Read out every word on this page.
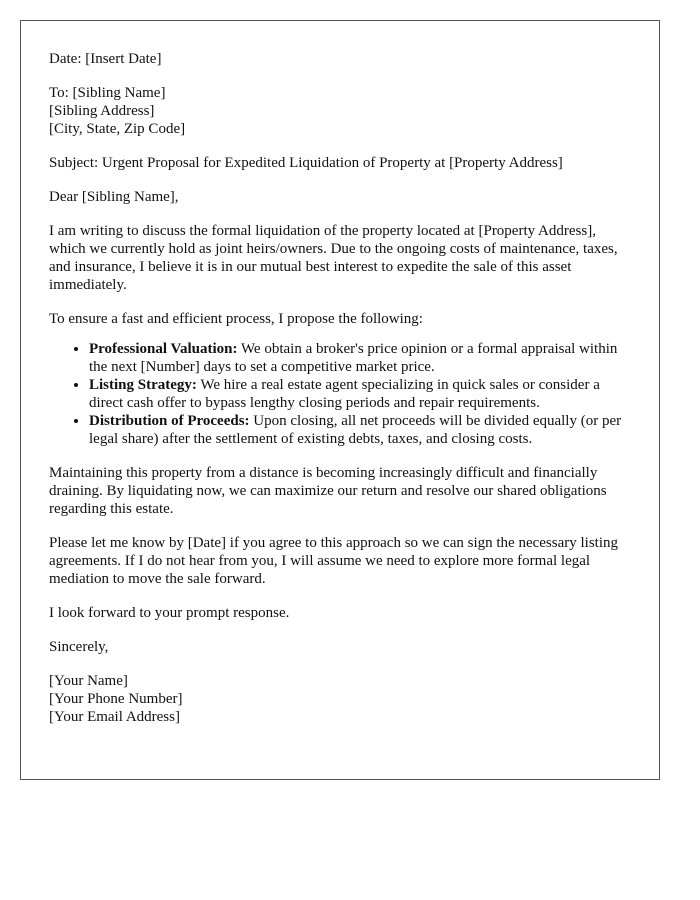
Date: [Insert Date]

To: [Sibling Name]
[Sibling Address]
[City, State, Zip Code]

Subject: Urgent Proposal for Expedited Liquidation of Property at [Property Address]

Dear [Sibling Name],

I am writing to discuss the formal liquidation of the property located at [Property Address], which we currently hold as joint heirs/owners. Due to the ongoing costs of maintenance, taxes, and insurance, I believe it is in our mutual best interest to expedite the sale of this asset immediately.

To ensure a fast and efficient process, I propose the following:

• Professional Valuation: We obtain a broker's price opinion or a formal appraisal within the next [Number] days to set a competitive market price.
• Listing Strategy: We hire a real estate agent specializing in quick sales or consider a direct cash offer to bypass lengthy closing periods and repair requirements.
• Distribution of Proceeds: Upon closing, all net proceeds will be divided equally (or per legal share) after the settlement of existing debts, taxes, and closing costs.

Maintaining this property from a distance is becoming increasingly difficult and financially draining. By liquidating now, we can maximize our return and resolve our shared obligations regarding this estate.

Please let me know by [Date] if you agree to this approach so we can sign the necessary listing agreements. If I do not hear from you, I will assume we need to explore more formal legal mediation to move the sale forward.

I look forward to your prompt response.

Sincerely,

[Your Name]
[Your Phone Number]
[Your Email Address]
